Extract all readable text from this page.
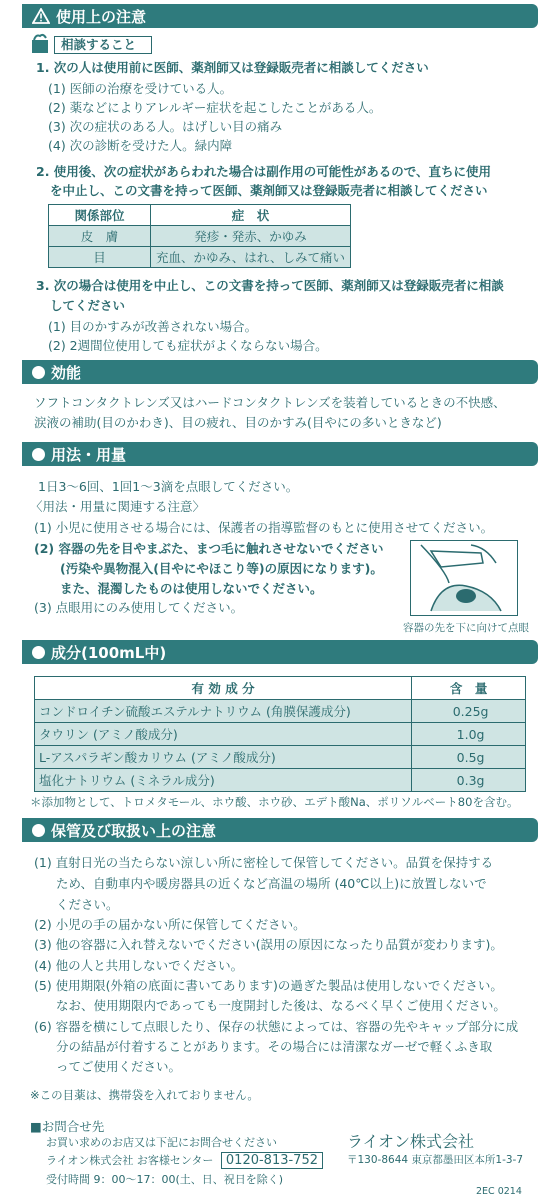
使用上の注意
相談すること
1. 次の人は使用前に医師、薬剤師又は登録販売者に相談してください
(1) 医師の治療を受けている人。
(2) 薬などによりアレルギー症状を起こしたことがある人。
(3) 次の症状のある人。はげしい目の痛み
(4) 次の診断を受けた人。緑内障
2. 使用後、次の症状があらわれた場合は副作用の可能性があるので、直ちに使用
を中止し、この文書を持って医師、薬剤師又は登録販売者に相談してください
関係部位	症　状
皮　膚	発疹・発赤、かゆみ
目	充血、かゆみ、はれ、しみて痛い
3. 次の場合は使用を中止し、この文書を持って医師、薬剤師又は登録販売者に相談
してください
(1) 目のかすみが改善されない場合。
(2) 2週間位使用しても症状がよくならない場合。
効能
ソフトコンタクトレンズ又はハードコンタクトレンズを装着しているときの不快感、
涙液の補助(目のかわき)、目の疲れ、目のかすみ(目やにの多いときなど)
用法・用量
1日3～6回、1回1～3滴を点眼してください。
〈用法・用量に関連する注意〉
(1) 小児に使用させる場合には、保護者の指導監督のもとに使用させてください。
(2) 容器の先を目やまぶた、まつ毛に触れさせないでください
(汚染や異物混入(目やにやほこり等)の原因になります)。
また、混濁したものは使用しないでください。
(3) 点眼用にのみ使用してください。
容器の先を下に向けて点眼
成分(100mL中)
有 効 成 分	含　量
コンドロイチン硫酸エステルナトリウム (角膜保護成分)	0.25g
タウリン (アミノ酸成分)	1.0g
L-アスパラギン酸カリウム (アミノ酸成分)	0.5g
塩化ナトリウム (ミネラル成分)	0.3g
＊添加物として、トロメタモール、ホウ酸、ホウ砂、エデト酸Na、ポリソルベート80を含む。
保管及び取扱い上の注意
(1) 直射日光の当たらない涼しい所に密栓して保管してください。品質を保持する
ため、自動車内や暖房器具の近くなど高温の場所 (40℃以上)に放置しないで
ください。
(2) 小児の手の届かない所に保管してください。
(3) 他の容器に入れ替えないでください(誤用の原因になったり品質が変わります)。
(4) 他の人と共用しないでください。
(5) 使用期限(外箱の底面に書いてあります)の過ぎた製品は使用しないでください。
なお、使用期限内であっても一度開封した後は、なるべく早くご使用ください。
(6) 容器を横にして点眼したり、保存の状態によっては、容器の先やキャップ部分に成
分の結晶が付着することがあります。その場合には清潔なガーゼで軽くふき取
ってご使用ください。
※この目薬は、携帯袋を入れておりません。
■お問合せ先
お買い求めのお店又は下記にお問合せください
ライオン株式会社 お客様センター 0120-813-752
受付時間 9：00～17：00(土、日、祝日を除く)
ライオン株式会社
〒130-8644 東京都墨田区本所1-3-7
2EC 0214
